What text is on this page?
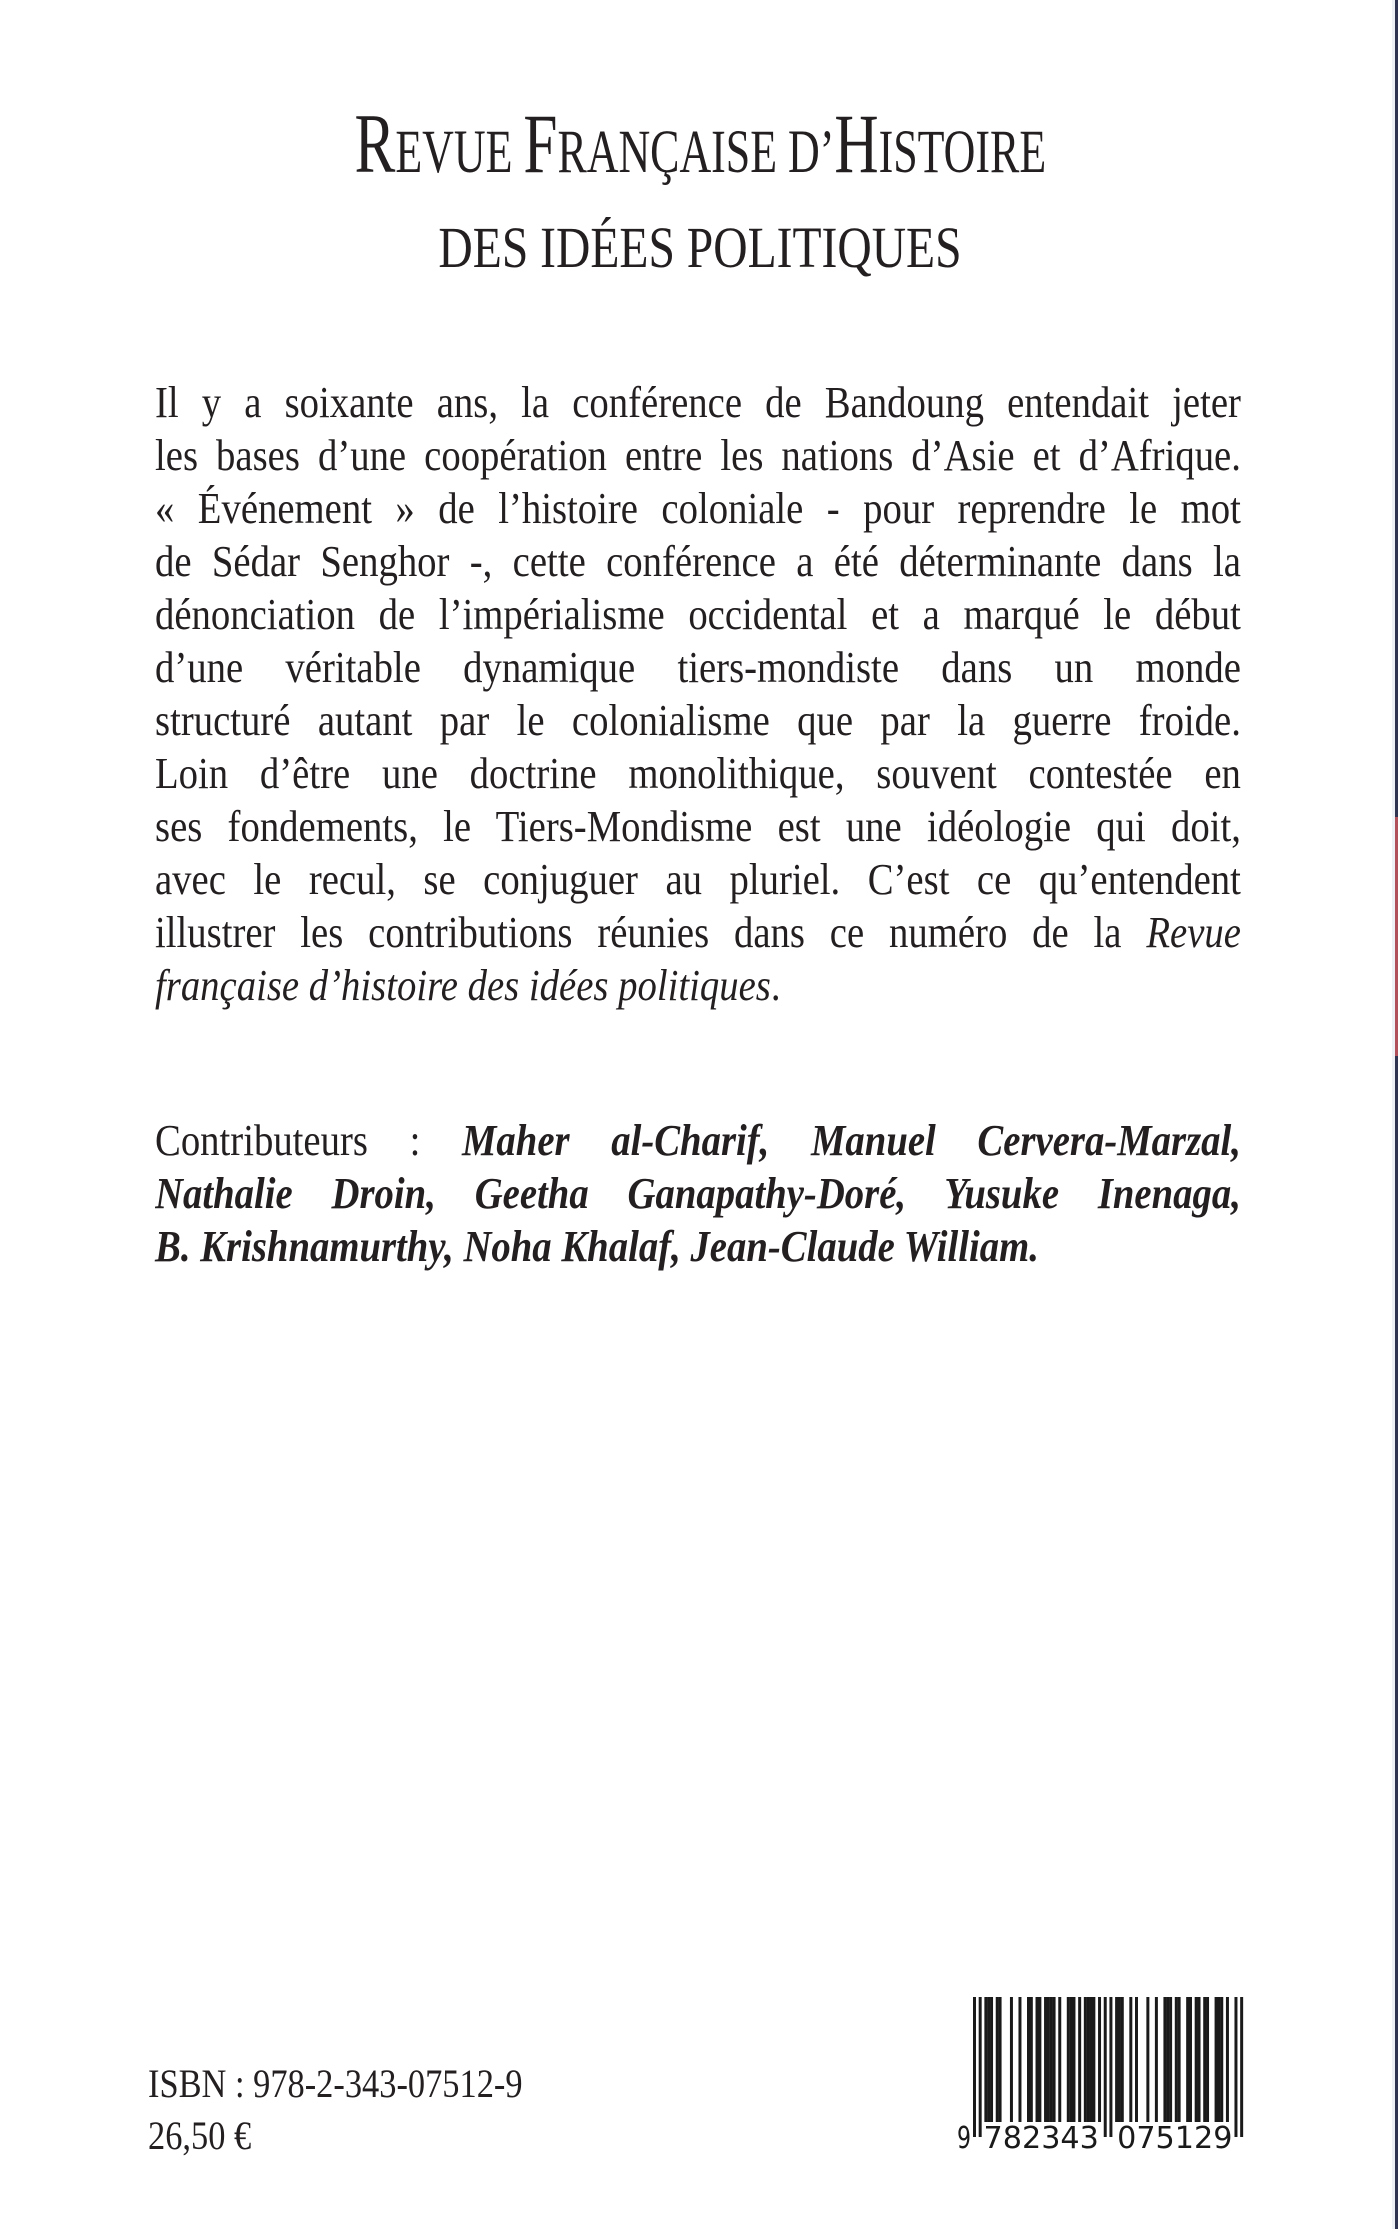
REVUE FRANÇAISE D’HISTOIRE
DES IDÉES POLITIQUES
Il y a soixante ans, la conférence de Bandoung entendait jeter
les bases d’une coopération entre les nations d’Asie et d’Afrique.
« Événement » de l’histoire coloniale - pour reprendre le mot
de Sédar Senghor -, cette conférence a été déterminante dans la
dénonciation de l’impérialisme occidental et a marqué le début
d’une véritable dynamique tiers-mondiste dans un monde
structuré autant par le colonialisme que par la guerre froide.
Loin d’être une doctrine monolithique, souvent contestée en
ses fondements, le Tiers-Mondisme est une idéologie qui doit,
avec le recul, se conjuguer au pluriel. C’est ce qu’entendent
illustrer les contributions réunies dans ce numéro de la Revue
française d’histoire des idées politiques.
Contributeurs : Maher al-Charif, Manuel Cervera-Marzal,
Nathalie Droin, Geetha Ganapathy-Doré, Yusuke Inenaga,
B. Krishnamurthy, Noha Khalaf, Jean-Claude William.
ISBN : 978-2-343-07512-9
26,50 €	9 782343 075129
